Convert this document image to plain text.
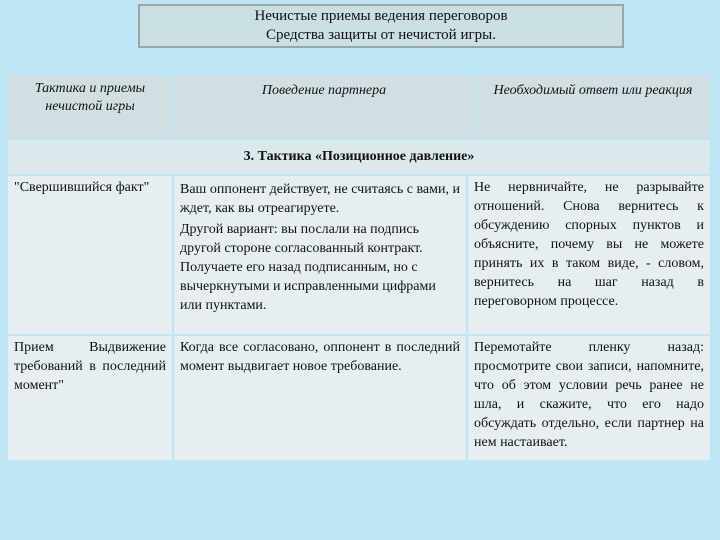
Нечистые приемы ведения переговоров
Средства защиты от нечистой игры.
Тактика и приемы нечистой игры
Поведение партнера	Необходимый ответ или реакция
3. Тактика «Позиционное давление»
"Свершившийся факт"	Ваш оппонент действует, не считаясь с вами, и ждет, как вы отреагируете.
Другой вариант: вы послали на подпись другой стороне согласованный контракт. Получаете его назад подписанным, но с вычеркнутыми и исправленными цифрами или пунктами.
Не нервничайте, не разрывайте отношений. Снова вернитесь к обсуждению спорных пунктов и объясните, почему вы не можете принять их в таком виде, - словом, вернитесь на шаг назад в переговорном процессе.
Прием Выдвижение требований в последний момент"
Когда все согласовано, оппонент в последний момент выдвигает новое требование.
Перемотайте пленку назад: просмотрите свои записи, напомните, что об этом условии речь ранее не шла, и скажите, что его надо обсуждать отдельно, если партнер на нем настаивает.
